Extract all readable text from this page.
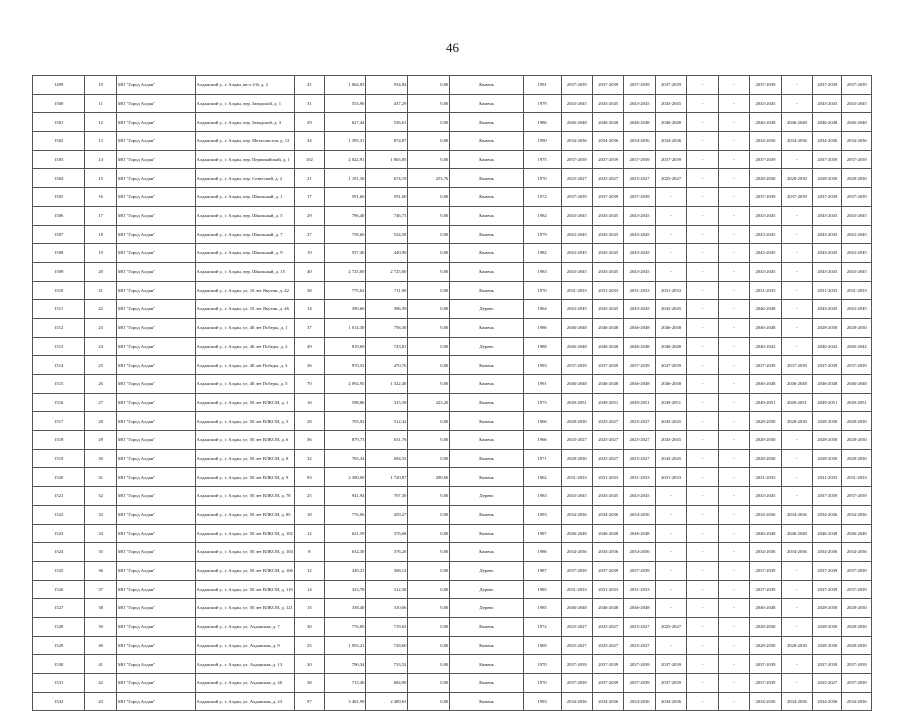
46
1499	10	МО "Город Алдан"	Алданский у., г. Алдан, кв-л 2-й, д. 2	41	1 064,83	934,84	0,00	Камень	1991	2037-2039	2037-2039	2037-2039	2037-2039	-	-	2037-2039	-	2037-2039	2037-2039
1500	11	МО "Город Алдан"	Алданский у., г. Алдан, пер. Заводской, д. 1	31	553,96	437,29	0,00	Камень	1979	2043-2045	2043-2045	2043-2045	2043-2045	-	-	2043-2045	-	2043-2045	2043-2045
1501	12	МО "Город Алдан"	Алданский у., г. Алдан, пер. Заводской, д. 3	29	627,44	536,61	0,00	Камень	1986	2046-2048	2046-2048	2046-2048	2046-2048	-	-	2046-2048	2046-2048	2046-2048	2046-2048
1502	13	МО "Город Алдан"	Алданский у., г. Алдан, пер. Металлистов, д. 12	34	1 395,31	874,87	0,00	Камень	1990	2034-2036	2034-2036	2034-2036	2034-2036	-	-	2034-2036	2034-2036	2034-2036	2034-2036
1503	14	МО "Город Алдан"	Алданский у., г. Алдан, пер. Первомайский, д. 1	102	2 022,91	1 865,05	0,00	Камень	1975	2037-2039	2037-2039	2037-2039	2037-2039	-	-	2037-2039	-	2037-2039	2037-2039
1504	15	МО "Город Алдан"	Алданский у., г. Алдан, пер. Советский, д. 2	21	1 101,30	674,19	253,76	Камень	1970	2025-2027	2025-2027	2025-2027	2025-2027	-	-	2028-2030	2028-2030	2028-2030	2028-2030
1505	16	МО "Город Алдан"	Алданский у., г. Алдан, пер. Школьный, д. 1	17	591,60	591,60	0,00	Камень	1972	2037-2039	2037-2039	2037-2039	-	-	-	2037-2039	2037-2039	2037-2039	2037-2039
1506	17	МО "Город Алдан"	Алданский у., г. Алдан, пер. Школьный, д. 5	29	796,40	746,73	0,00	Камень	1982	2043-2045	2043-2045	2043-2045	-	-	-	2043-2045	-	2043-2045	2043-2045
1507	18	МО "Город Алдан"	Алданский у., г. Алдан, пер. Школьный, д. 7	27	758,60	534,58	0,00	Камень	1979	2043-2045	2043-2045	2043-2045	-	-	-	2043-2045	-	2043-2045	2043-2045
1508	19	МО "Город Алдан"	Алданский у., г. Алдан, пер. Школьный, д. 9	19	557,40	440,90	0,00	Камень	1982	2043-2045	2043-2045	2043-2045	-	-	-	2043-2045	-	2043-2045	2043-2045
1509	20	МО "Город Алдан"	Алданский у., г. Алдан, пер. Школьный, д. 15	40	2 725,00	2 725,00	0,00	Камень	1983	2043-2045	2043-2045	2043-2045	-	-	-	2043-2045	-	2043-2045	2043-2045
1510	21	МО "Город Алдан"	Алданский у., г. Алдан, ул. 10 лет Якутии, д. 42	38	775,62	711,90	0,00	Камень	1970	2031-2033	2031-2033	2031-2033	2031-2033	-	-	2031-2033	-	2031-2033	2031-2033
1511	22	МО "Город Алдан"	Алданский у., г. Алдан, ул. 10 лет Якутии, д. 46	14	390,66	396,39	0,00	Дерево	1964	2043-2045	2043-2045	2043-2045	2043-2045	-	-	2046-2048	-	2043-2045	2043-2045
1512	23	МО "Город Алдан"	Алданский у., г. Алдан, ул. 40 лет Победы, д. 1	37	1 014,30	756,30	0,00	Камень	1986	2046-2048	2046-2048	2046-2048	2046-2048	-	-	2046-2048	-	2028-2030	2028-2030
1513	24	МО "Город Алдан"	Алданский у., г. Алдан, ул. 40 лет Победы, д. 2	49	819,69	743,81	0,00	Дерево	1988	2046-2048	2046-2048	2046-2048	2046-2048	-	-	2040-2042	-	2040-2042	2040-2042
1514	25	МО "Город Алдан"	Алданский у., г. Алдан, ул. 40 лет Победы, д. 3	36	970,52	470,76	0,00	Камень	1993	2037-2039	2037-2039	2037-2039	2037-2039	-	-	2037-2039	2037-2039	2037-2039	2037-2039
1515	26	МО "Город Алдан"	Алданский у., г. Алдан, ул. 40 лет Победы, д. 5	70	2 092,95	1 322,40	0,00	Камень	1991	2046-2048	2046-2048	2046-2048	2046-2048	-	-	2046-2048	2046-2048	2046-2048	2046-2048
1516	27	МО "Город Алдан"	Алданский у., г. Алдан, ул. 50 лет ВЛКСМ, д. 1	16	598,86	315,39	223,20	Камень	1975	2049-2051	2049-2051	2049-2051	2049-2051	-	-	2049-2051	2049-2051	2049-2051	2049-2051
1517	28	МО "Город Алдан"	Алданский у., г. Алдан, ул. 50 лет ВЛКСМ, д. 5	28	705,92	512,42	0,00	Камень	1966	2028-2030	2025-2027	2025-2027	2043-2045	-	-	2028-2030	2028-2030	2028-2030	2028-2030
1518	29	МО "Город Алдан"	Алданский у., г. Алдан, ул. 50 лет ВЛКСМ, д. 6	36	879,73	631,76	0,00	Камень	1966	2025-2027	2025-2027	2025-2027	2043-2045	-	-	2028-2030	-	2028-2030	2028-2030
1519	30	МО "Город Алдан"	Алданский у., г. Алдан, ул. 50 лет ВЛКСМ, д. 8	32	765,34	694,33	0,00	Камень	1971	2028-2030	2025-2027	2025-2027	2043-2045	-	-	2028-2030	-	2028-2030	2028-2030
1520	31	МО "Город Алдан"	Алданский у., г. Алдан, ул. 50 лет ВЛКСМ, д. 9	93	2 300,00	1 720,87	290,60	Камень	1962	2031-2033	2031-2033	2031-2033	2031-2033	-	-	2031-2033	-	2031-2033	2031-2033
1521	32	МО "Город Алдан"	Алданский у., г. Алдан, ул. 50 лет ВЛКСМ, д. 78	25	941,94	707,30	0,00	Дерево	1983	2043-2045	2043-2045	2043-2045	-	-	-	2043-2045	-	2037-2039	2037-2039
1522	33	МО "Город Алдан"	Алданский у., г. Алдан, ул. 50 лет ВЛКСМ, д. 85	18	776,06	459,27	0,00	Камень	1993	2034-2036	2034-2036	2034-2036	-	-	-	2034-2036	2034-2036	2034-2036	2034-2036
1523	34	МО "Город Алдан"	Алданский у., г. Алдан, ул. 50 лет ВЛКСМ, д. 102	12	621,59	376,68	0,00	Камень	1987	2046-2048	2046-2048	2046-2048	-	-	-	2046-2048	2046-2048	2046-2048	2046-2048
1524	35	МО "Город Алдан"	Алданский у., г. Алдан, ул. 50 лет ВЛКСМ, д. 104	8	632,30	376,20	0,00	Камень	1986	2034-2036	2034-2036	2034-2036	-	-	-	2034-2036	2034-2036	2034-2036	2034-2036
1525	36	МО "Город Алдан"	Алданский у., г. Алдан, ул. 50 лет ВЛКСМ, д. 106	12	349,21	308,12	0,00	Дерево	1987	2037-2039	2037-2039	2037-2039	-	-	-	2037-2039	-	2037-2039	2037-2039
1526	37	МО "Город Алдан"	Алданский у., г. Алдан, ул. 50 лет ВЛКСМ, д. 119	14	323,78	312,30	0,00	Дерево	1985	2031-2033	2031-2033	2031-2033	-	-	-	2037-2039	-	2037-2039	2037-2039
1527	38	МО "Город Алдан"	Алданский у., г. Алдан, ул. 50 лет ВЛКСМ, д. 121	15	338,40	310,06	0,00	Дерево	1985	2046-2048	2046-2048	2046-2048	-	-	-	2046-2048	-	2028-2030	2028-2030
1528	39	МО "Город Алдан"	Алданский у., г. Алдан, ул. Алданская, д. 7	30	776,85	719,65	0,00	Камень	1972	2025-2027	2025-2027	2025-2027	2025-2027	-	-	2028-2030	-	2028-2030	2028-2030
1529	40	МО "Город Алдан"	Алданский у., г. Алдан, ул. Алданская, д. 9	25	1 093,21	728,60	0,00	Камень	1969	2025-2027	2025-2027	2025-2027	-	-	-	2028-2030	2028-2030	2028-2030	2028-2030
1530	41	МО "Город Алдан"	Алданский у., г. Алдан, ул. Алданская, д. 13	20	790,34	733,52	0,00	Камень	1970	2037-2039	2037-2039	2037-2039	2037-2039	-	-	2037-2039	-	2037-2039	2037-2039
1531	42	МО "Город Алдан"	Алданский у., г. Алдан, ул. Алданская, д. 20	38	715,40	684,90	0,00	Камень	1970	2037-2039	2037-2039	2037-2039	2037-2039	-	-	2037-2039	-	2025-2027	2037-2039
1532	43	МО "Город Алдан"	Алданский у., г. Алдан, ул. Алданская, д. 23	97	3 401,98	2 489,63	0,00	Камень	1993	2034-2036	2034-2036	2034-2036	2034-2036	-	-	2034-2036	2034-2036	2034-2036	2034-2036
